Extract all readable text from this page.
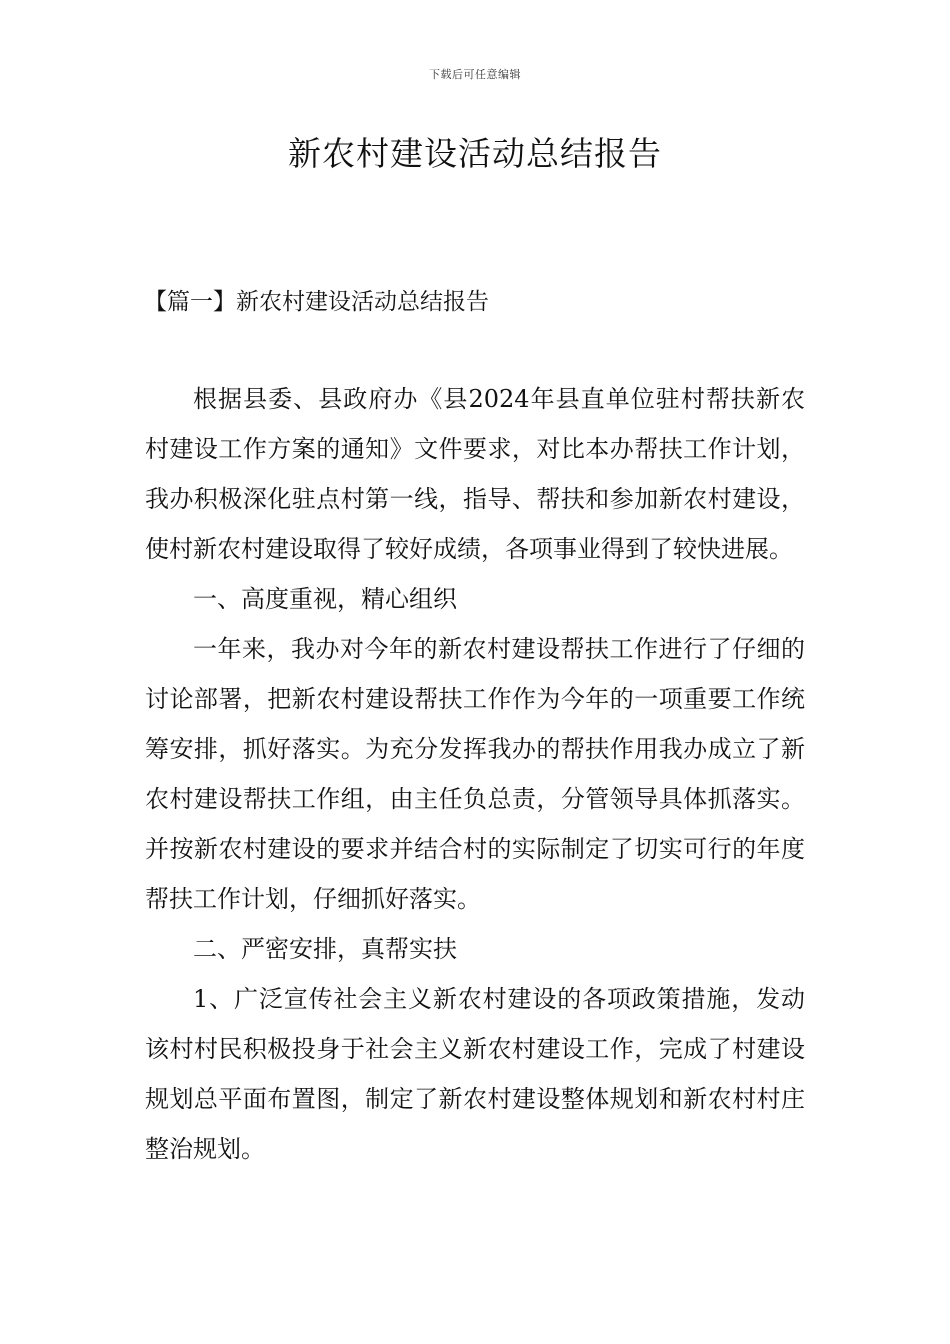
下载后可任意编辑
新农村建设活动总结报告
【篇一】新农村建设活动总结报告

根据县委、县政府办《县2024年县直单位驻村帮扶新农村建设工作方案的通知》文件要求，对比本办帮扶工作计划，我办积极深化驻点村第一线，指导、帮扶和参加新农村建设，使村新农村建设取得了较好成绩，各项事业得到了较快进展。

一、高度重视，精心组织

一年来，我办对今年的新农村建设帮扶工作进行了仔细的讨论部署，把新农村建设帮扶工作作为今年的一项重要工作统筹安排，抓好落实。为充分发挥我办的帮扶作用我办成立了新农村建设帮扶工作组，由主任负总责，分管领导具体抓落实。并按新农村建设的要求并结合村的实际制定了切实可行的年度帮扶工作计划，仔细抓好落实。

二、严密安排，真帮实扶

1、广泛宣传社会主义新农村建设的各项政策措施，发动该村村民积极投身于社会主义新农村建设工作，完成了村建设规划总平面布置图，制定了新农村建设整体规划和新农村村庄整治规划。
